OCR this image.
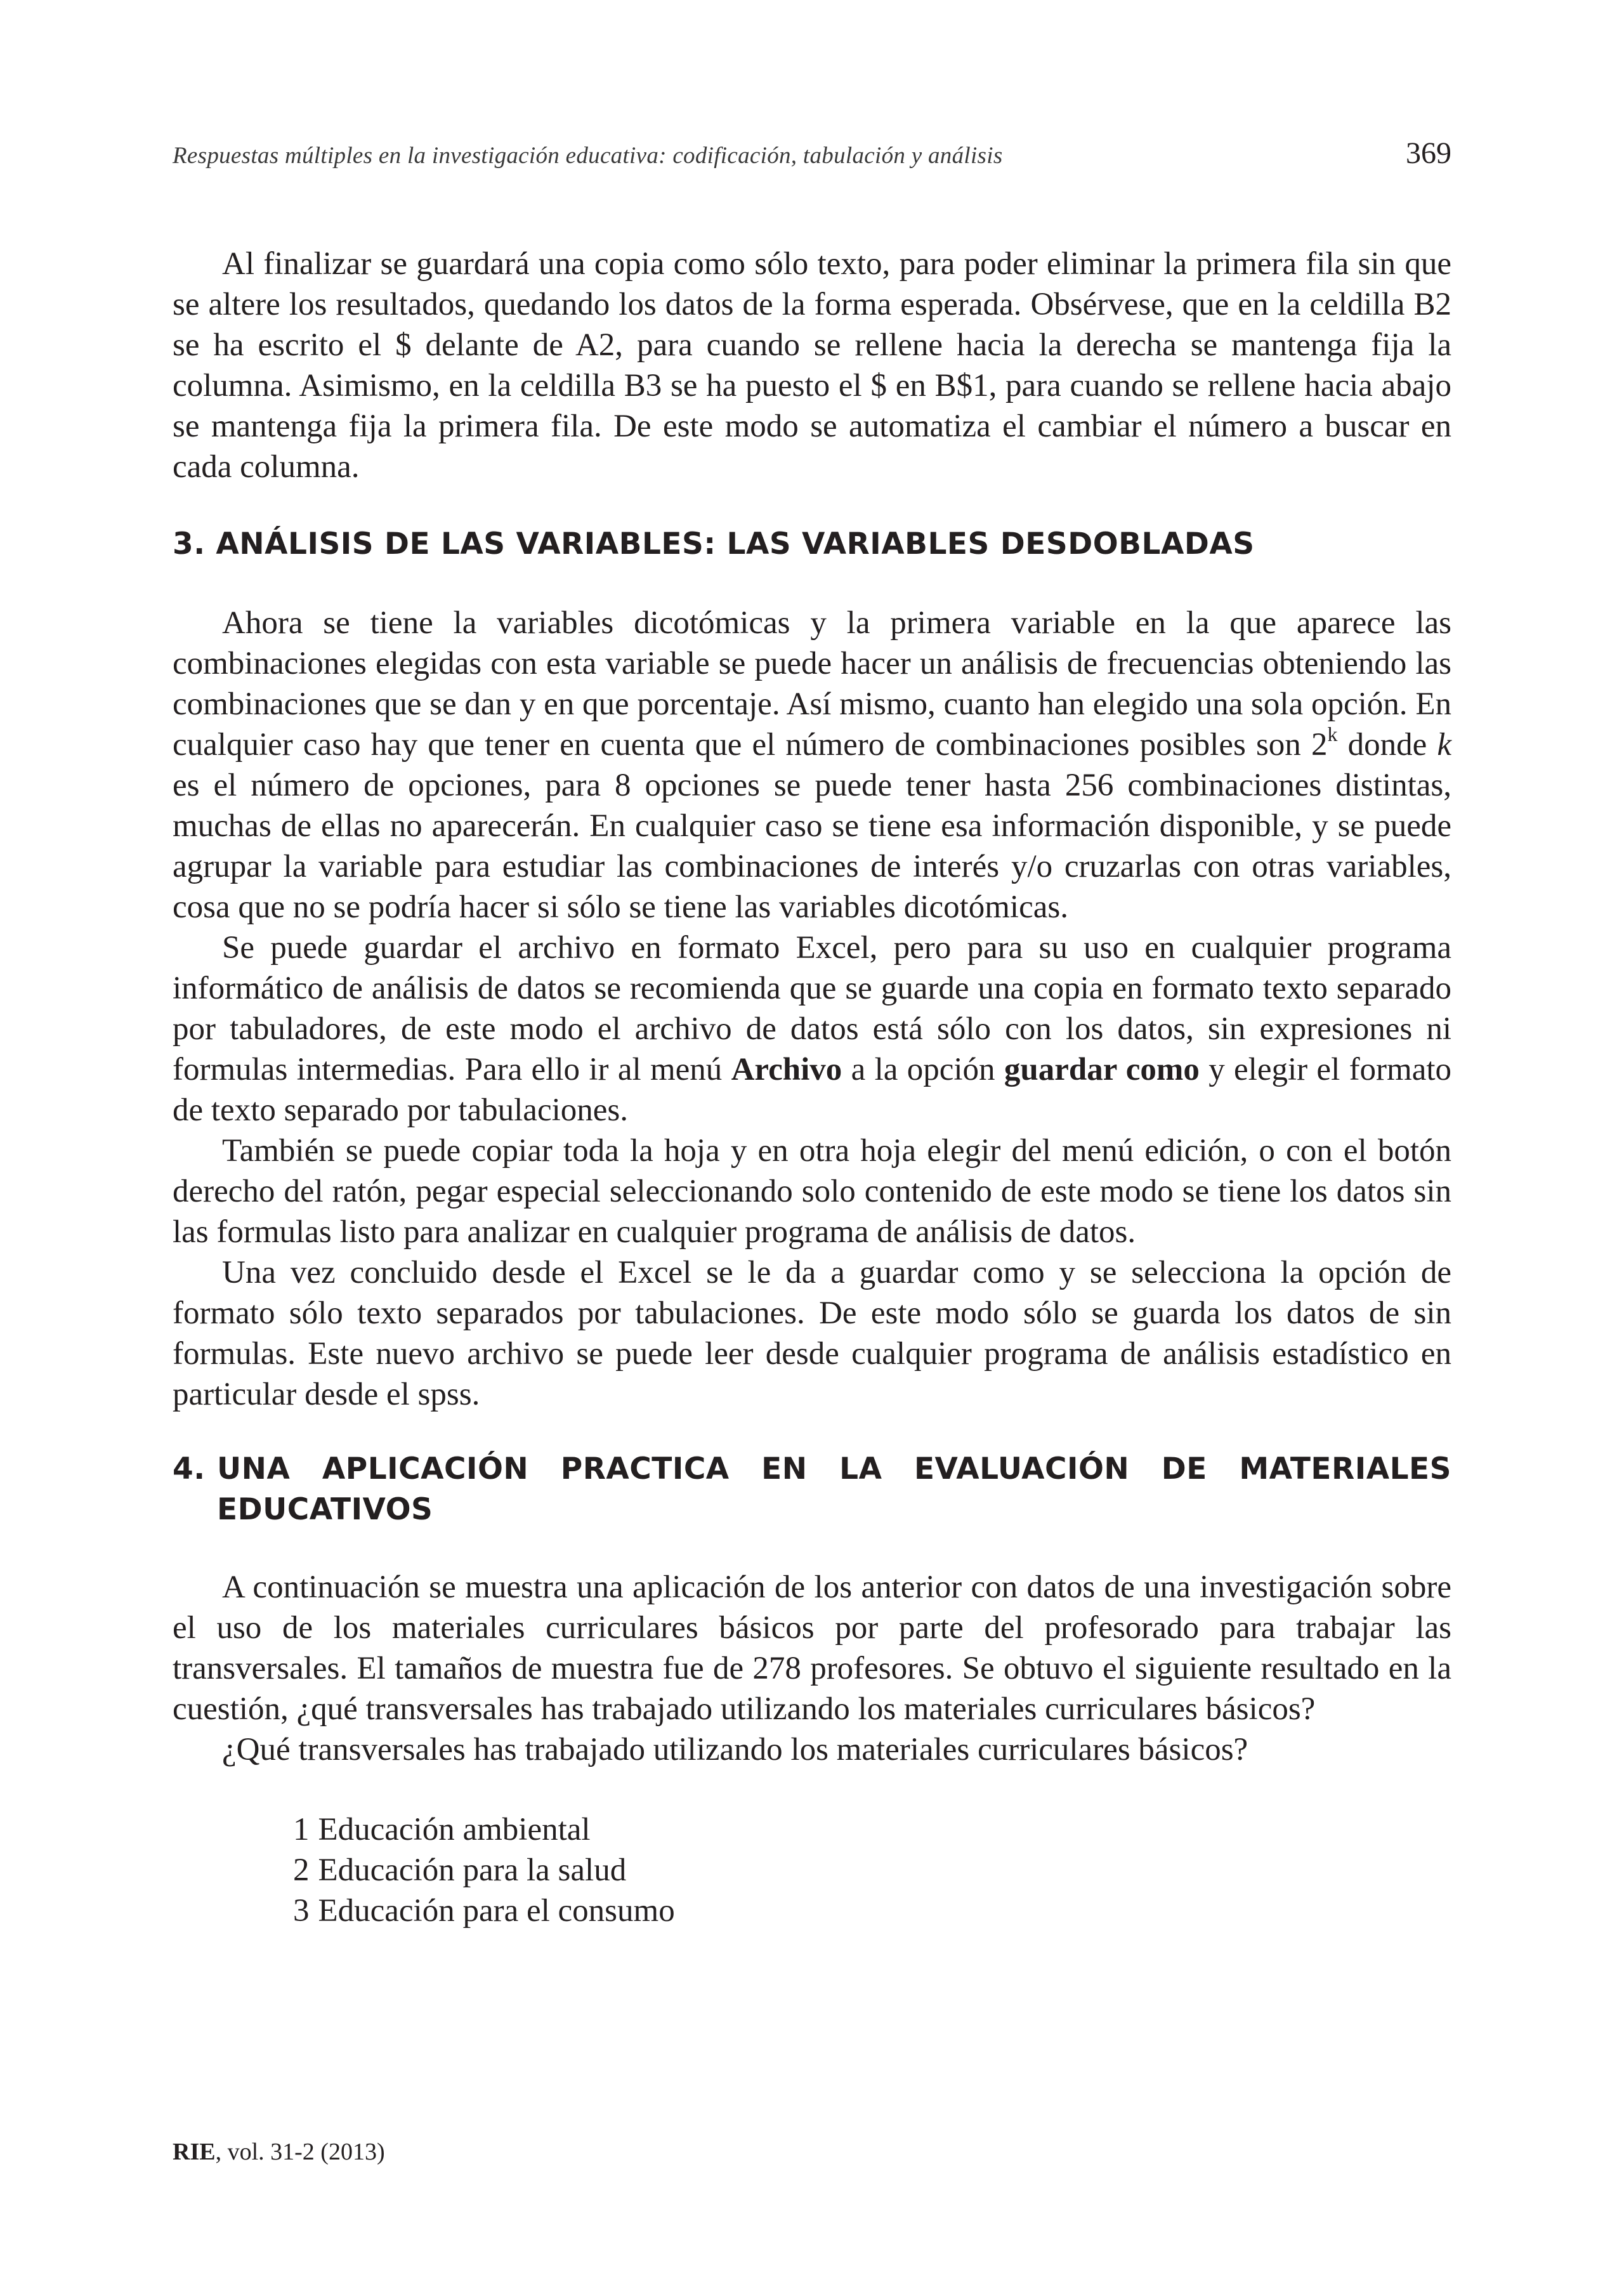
Respuestas múltiples en la investigación educativa: codificación, tabulación y análisis	369

Al finalizar se guardará una copia como sólo texto, para poder eliminar la primera fila sin que se altere los resultados, quedando los datos de la forma esperada. Obsérvese, que en la celdilla B2 se ha escrito el $ delante de A2, para cuando se rellene hacia la derecha se mantenga fija la columna. Asimismo, en la celdilla B3 se ha puesto el $ en B$1, para cuando se rellene hacia abajo se mantenga fija la primera fila. De este modo se automatiza el cambiar el número a buscar en cada columna.

3. ANÁLISIS DE LAS VARIABLES: LAS VARIABLES DESDOBLADAS

Ahora se tiene la variables dicotómicas y la primera variable en la que aparece las combinaciones elegidas con esta variable se puede hacer un análisis de frecuencias obteniendo las combinaciones que se dan y en que porcentaje. Así mismo, cuanto han elegido una sola opción. En cualquier caso hay que tener en cuenta que el número de combinaciones posibles son 2$^k$ donde k es el número de opciones, para 8 opciones se puede tener hasta 256 combinaciones distintas, muchas de ellas no aparecerán. En cualquier caso se tiene esa información disponible, y se puede agrupar la variable para estudiar las combinaciones de interés y/o cruzarlas con otras variables, cosa que no se podría hacer si sólo se tiene las variables dicotómicas.

Se puede guardar el archivo en formato Excel, pero para su uso en cualquier programa informático de análisis de datos se recomienda que se guarde una copia en formato texto separado por tabuladores, de este modo el archivo de datos está sólo con los datos, sin expresiones ni formulas intermedias. Para ello ir al menú Archivo a la opción guardar como y elegir el formato de texto separado por tabulaciones.

También se puede copiar toda la hoja y en otra hoja elegir del menú edición, o con el botón derecho del ratón, pegar especial seleccionando solo contenido de este modo se tiene los datos sin las formulas listo para analizar en cualquier programa de análisis de datos.

Una vez concluido desde el Excel se le da a guardar como y se selecciona la opción de formato sólo texto separados por tabulaciones. De este modo sólo se guarda los datos de sin formulas. Este nuevo archivo se puede leer desde cualquier programa de análisis estadístico en particular desde el spss.

4. UNA APLICACIÓN PRACTICA EN LA EVALUACIÓN DE MATERIALES EDUCATIVOS

A continuación se muestra una aplicación de los anterior con datos de una investigación sobre el uso de los materiales curriculares básicos por parte del profesorado para trabajar las transversales. El tamaños de muestra fue de 278 profesores. Se obtuvo el siguiente resultado en la cuestión, ¿qué transversales has trabajado utilizando los materiales curriculares básicos?

¿Qué transversales has trabajado utilizando los materiales curriculares básicos?

1 Educación ambiental
2 Educación para la salud
3 Educación para el consumo
RIE, vol. 31-2 (2013)
